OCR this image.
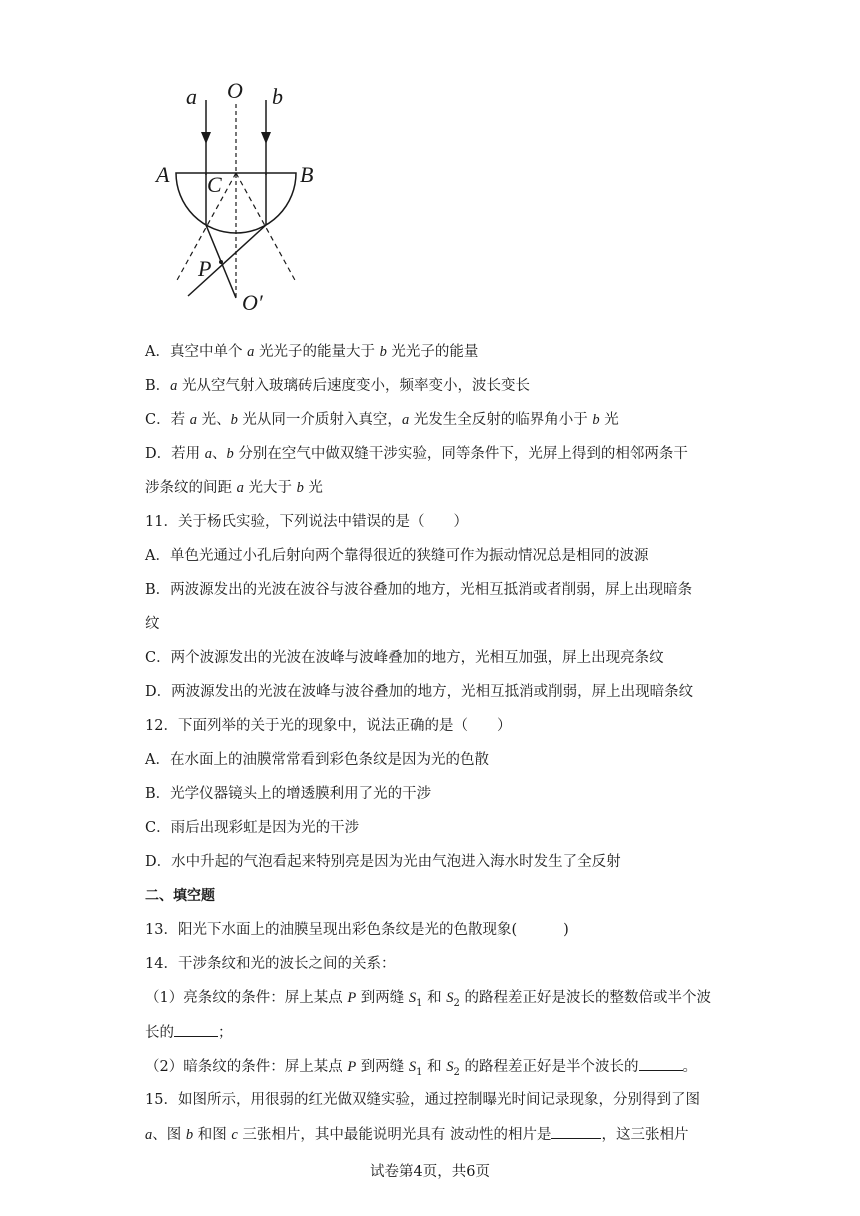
a O b
A	B
C
P
O′
A．真空中单个 a 光光子的能量大于 b 光光子的能量
B．a 光从空气射入玻璃砖后速度变小，频率变小，波长变长
C．若 a 光、b 光从同一介质射入真空，a 光发生全反射的临界角小于 b 光
D．若用 a、b 分别在空气中做双缝干涉实验，同等条件下，光屏上得到的相邻两条干
涉条纹的间距 a 光大于 b 光
11．关于杨氏实验，下列说法中错误的是（　　）
A．单色光通过小孔后射向两个靠得很近的狭缝可作为振动情况总是相同的波源
B．两波源发出的光波在波谷与波谷叠加的地方，光相互抵消或者削弱，屏上出现暗条
纹
C．两个波源发出的光波在波峰与波峰叠加的地方，光相互加强，屏上出现亮条纹
D．两波源发出的光波在波峰与波谷叠加的地方，光相互抵消或削弱，屏上出现暗条纹
12．下面列举的关于光的现象中，说法正确的是（　　）
A．在水面上的油膜常常看到彩色条纹是因为光的色散
B．光学仪器镜头上的增透膜利用了光的干涉
C．雨后出现彩虹是因为光的干涉
D．水中升起的气泡看起来特别亮是因为光由气泡进入海水时发生了全反射
二、填空题
13．阳光下水面上的油膜呈现出彩色条纹是光的色散现象(	)
14．干涉条纹和光的波长之间的关系：
（1）亮条纹的条件：屏上某点 P 到两缝 $S_1$ 和 $S_2$ 的路程差正好是波长的整数倍或半个波
长的	；
（2）暗条纹的条件：屏上某点 P 到两缝 $S_1$ 和 $S_2$ 的路程差正好是半个波长的	。
15．如图所示，用很弱的红光做双缝实验，通过控制曝光时间记录现象，分别得到了图
a、图 b 和图 c 三张相片，其中最能说明光具有 波动性的相片是	，这三张相片
试卷第4页，共6页
